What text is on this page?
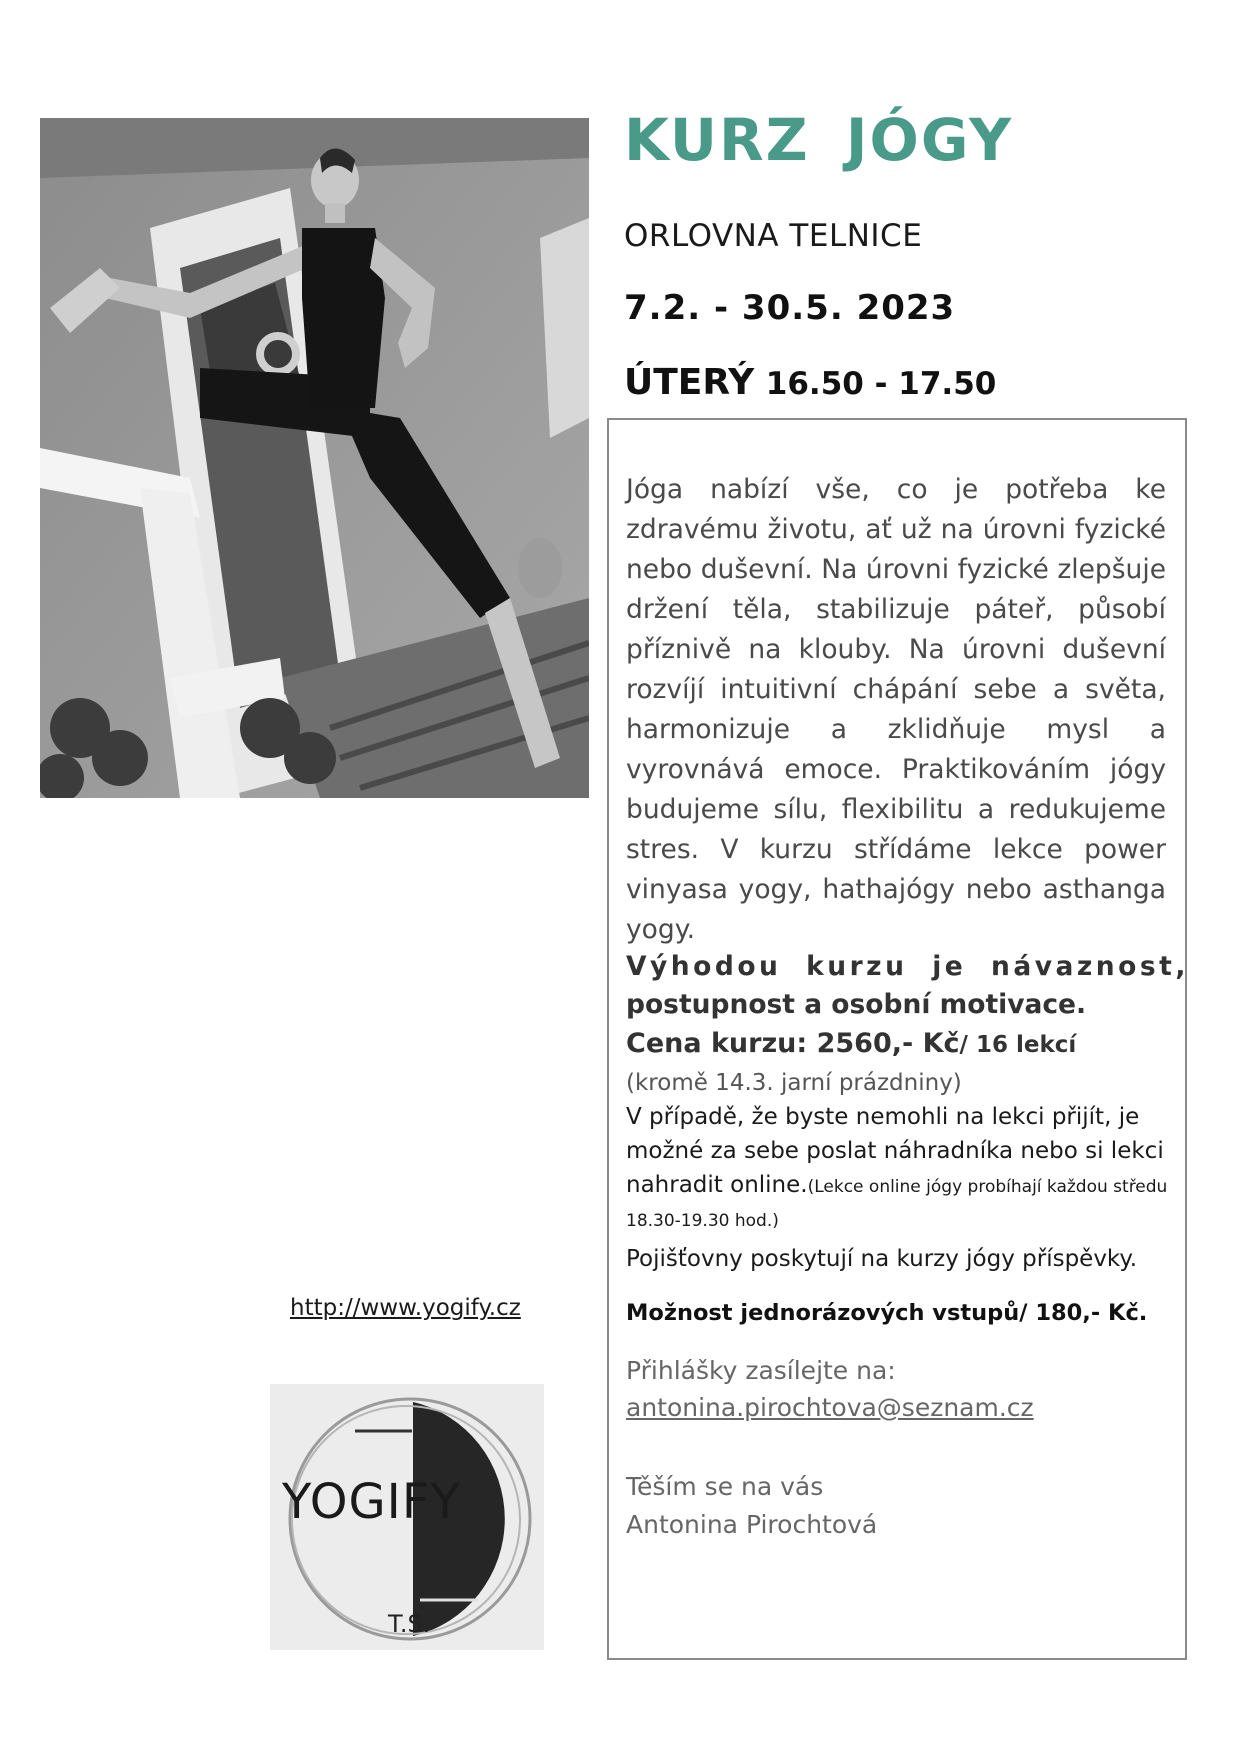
KURZ JÓGY
ORLOVNA TELNICE
7.2. - 30.5. 2023
ÚTERÝ 16.50 - 17.50

Jóga nabízí vše, co je potřeba ke zdravému životu, ať už na úrovni fyzické nebo duševní. Na úrovni fyzické zlepšuje držení těla, stabilizuje páteř, působí příznivě na klouby. Na úrovni duševní rozvíjí intuitivní chápání sebe a světa, harmonizuje a zklidňuje mysl a vyrovnává emoce. Praktikováním jógy budujeme sílu, flexibilitu a redukujeme stres. V kurzu střídáme lekce power vinyasa yogy, hathajógy nebo asthanga yogy.

Výhodou kurzu je návaznost,
postupnost a osobní motivace.

Cena kurzu: 2560,- Kč/ 16 lekcí
(kromě 14.3. jarní prázdniny)

V případě, že byste nemohli na lekci přijít, je možné za sebe poslat náhradníka nebo si lekci nahradit online.(Lekce online jógy probíhají každou středu 18.30-19.30 hod.)

Pojišťovny poskytují na kurzy jógy příspěvky.
Možnost jednorázových vstupů/ 180,- Kč.
Přihlášky zasílejte na:
antonina.pirochtova@seznam.cz
Těším se na vás
Antonina Pirochtová
http://www.yogify.cz
YOGIFY
T.S.
